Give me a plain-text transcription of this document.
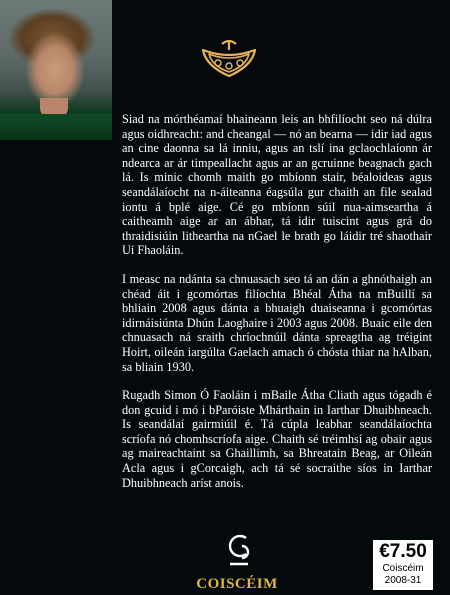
Siad na mórthéamaí bhaineann leis an bhfilíocht seo ná dúlra agus oidhreacht: and cheangal — nó an bearna — idir iad agus an cine daonna sa lá inniu, agus an tslí ina gclaochlaíonn ár ndearca ar ár timpeallacht agus ar an gcruinne beagnach gach lá. Is minic chomh maith go mbíonn stair, béaloideas agus seandálaíocht na n-áiteanna éagsúla gur chaith an file sealad iontu á bplé aige. Cé go mbíonn súil nua-aimseartha á caitheamh aige ar an ábhar, tá idir tuiscint agus grá do thraidisiúin litheartha na nGael le brath go láidir tré shaothair Uí Fhaoláin.

I measc na ndánta sa chnuasach seo tá an dán a ghnóthaigh an chéad áit i gcomórtas filíochta Bhéal Átha na mBuillí sa bhliain 2008 agus dánta a bhuaigh duaiseanna i gcomórtas idirnáisiúnta Dhún Laoghaire i 2003 agus 2008. Buaic eile den chnuasach ná sraith chríochnúil dánta spreagtha ag tréigint Hoirt, oileán iargúlta Gaelach amach ó chósta thiar na hAlban, sa bliain 1930.

Rugadh Simon Ó Faoláin i mBaile Átha Cliath agus tógadh é don gcuid i mó i bParóiste Mhárthain in Iarthar Dhuibhneach. Is seandálaí gairmiúil é. Tá cúpla leabhar seandálaíochta scríofa nó chomhscríofa aige. Chaith sé tréimhsí ag obair agus ag maireachtaint sa Ghaillimh, sa Bhreatain Beag, ar Oileán Acla agus i gCorcaigh, ach tá sé socraithe síos in Iarthar Dhuibhneach aríst anois.

COISCÉIM
€7.50
Coiscéim
2008-31
